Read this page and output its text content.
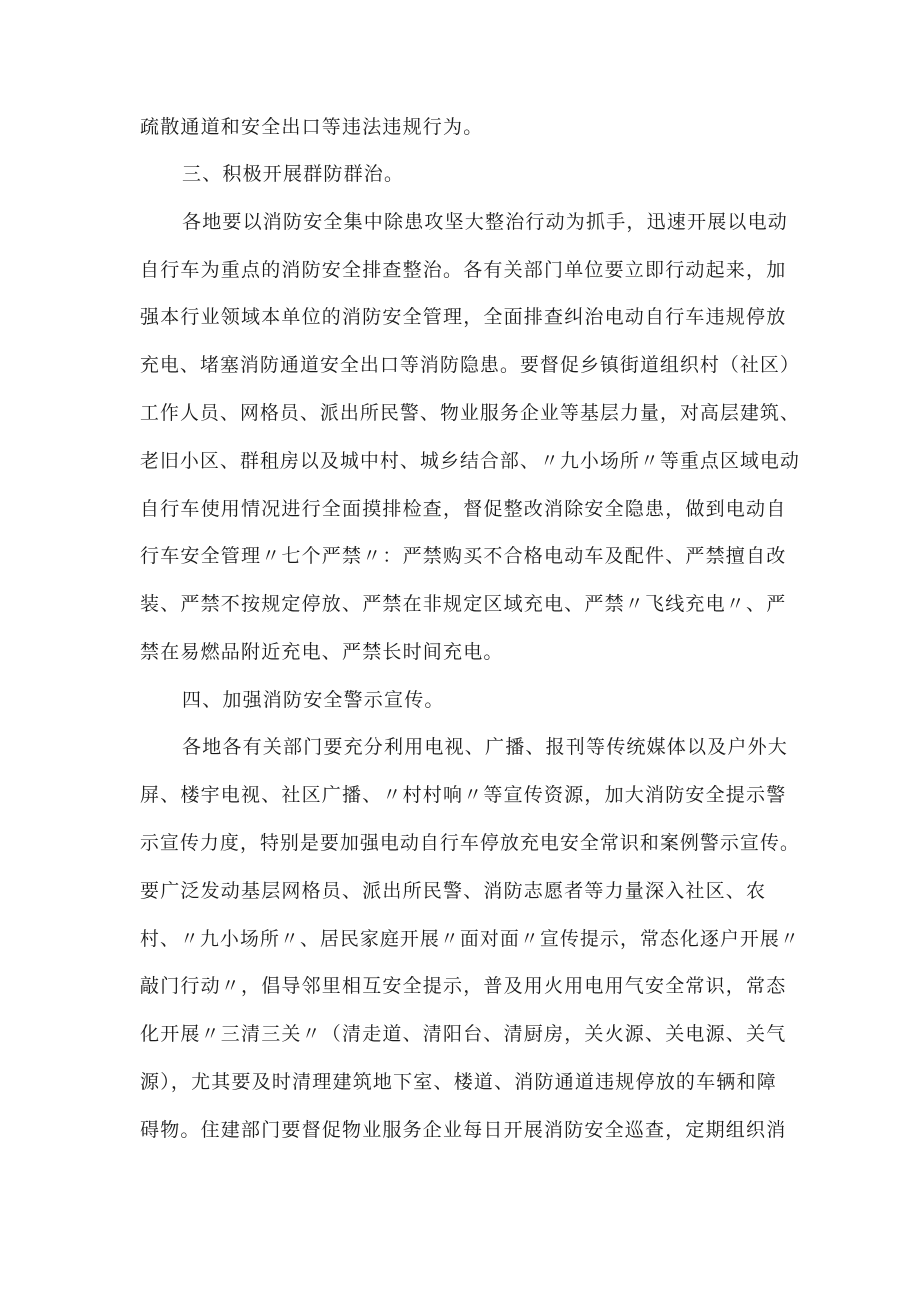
疏散通道和安全出口等违法违规行为。
三、积极开展群防群治。
各地要以消防安全集中除患攻坚大整治行动为抓手，迅速开展以电动
自行车为重点的消防安全排查整治。各有关部门单位要立即行动起来，加
强本行业领域本单位的消防安全管理，全面排查纠治电动自行车违规停放
充电、堵塞消防通道安全出口等消防隐患。要督促乡镇街道组织村（社区）
工作人员、网格员、派出所民警、物业服务企业等基层力量，对高层建筑、
老旧小区、群租房以及城中村、城乡结合部、〃九小场所〃等重点区域电动
自行车使用情况进行全面摸排检查，督促整改消除安全隐患，做到电动自
行车安全管理〃七个严禁〃：严禁购买不合格电动车及配件、严禁擅自改
装、严禁不按规定停放、严禁在非规定区域充电、严禁〃飞线充电〃、严
禁在易燃品附近充电、严禁长时间充电。
四、加强消防安全警示宣传。
各地各有关部门要充分利用电视、广播、报刊等传统媒体以及户外大
屏、楼宇电视、社区广播、〃村村响〃等宣传资源，加大消防安全提示警
示宣传力度，特别是要加强电动自行车停放充电安全常识和案例警示宣传。
要广泛发动基层网格员、派出所民警、消防志愿者等力量深入社区、农
村、〃九小场所〃、居民家庭开展〃面对面〃宣传提示，常态化逐户开展〃
敲门行动〃，倡导邻里相互安全提示，普及用火用电用气安全常识，常态
化开展〃三清三关〃（清走道、清阳台、清厨房，关火源、关电源、关气
源），尤其要及时清理建筑地下室、楼道、消防通道违规停放的车辆和障
碍物。住建部门要督促物业服务企业每日开展消防安全巡查，定期组织消
